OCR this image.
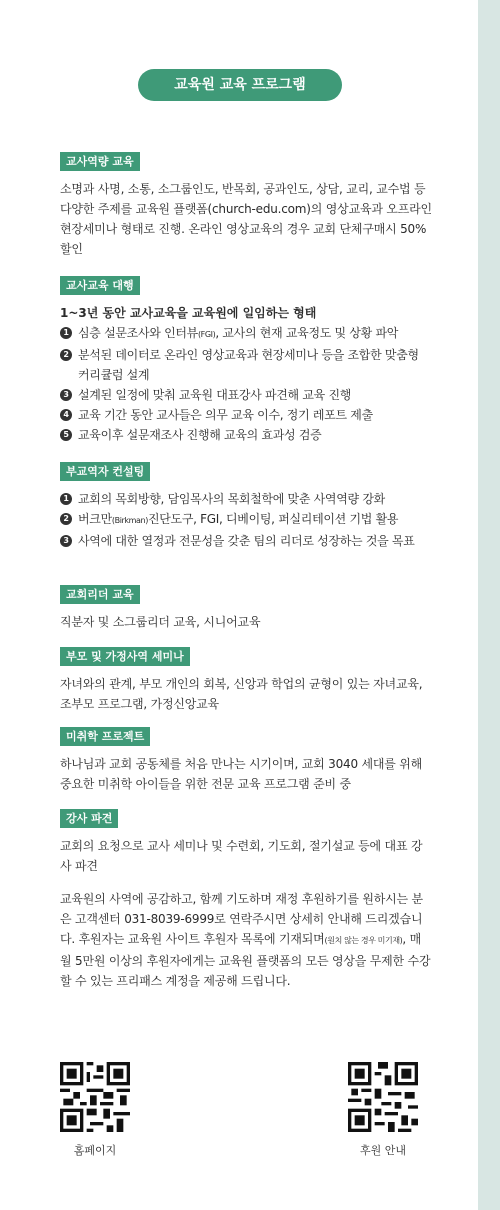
교육원 교육 프로그램
교사역량 교육
소명과 사명, 소통, 소그룹인도, 반목회, 공과인도, 상담, 교리, 교수법 등 다양한 주제를 교육원 플랫폼(church-edu.com)의 영상교육과 오프라인 현장세미나 형태로 진행. 온라인 영상교육의 경우 교회 단체구매시 50% 할인
교사교육 대행
1~3년 동안 교사교육을 교육원에 일임하는 형태
1 심층 설문조사와 인터뷰(FGI), 교사의 현재 교육정도 및 상황 파악
2 분석된 데이터로 온라인 영상교육과 현장세미나 등을 조합한 맞춤형 커리큘럼 설계
3 설계된 일정에 맞춰 교육원 대표강사 파견해 교육 진행
4 교육 기간 동안 교사들은 의무 교육 이수, 정기 레포트 제출
5 교육이후 설문재조사 진행해 교육의 효과성 검증
부교역자 컨설팅
1 교회의 목회방향, 담임목사의 목회철학에 맞춘 사역역량 강화
2 버크만(Birkman)진단도구, FGI, 디베이팅, 퍼실리테이션 기법 활용
3 사역에 대한 열정과 전문성을 갖춘 팀의 리더로 성장하는 것을 목표
교회리더 교육
직분자 및 소그룹리더 교육, 시니어교육
부모 및 가정사역 세미나
자녀와의 관계, 부모 개인의 회복, 신앙과 학업의 균형이 있는 자녀교육, 조부모 프로그램, 가정신앙교육
미취학 프로젝트
하나님과 교회 공동체를 처음 만나는 시기이며, 교회 3040 세대를 위해 중요한 미취학 아이들을 위한 전문 교육 프로그램 준비 중
강사 파견
교회의 요청으로 교사 세미나 및 수련회, 기도회, 절기설교 등에 대표 강사 파견
교육원의 사역에 공감하고, 함께 기도하며 재정 후원하기를 원하시는 분은 고객센터 031-8039-6999로 연락주시면 상세히 안내해 드리겠습니다. 후원자는 교육원 사이트 후원자 목록에 기재되며(원치 않는 경우 미기재), 매월 5만원 이상의 후원자에게는 교육원 플랫폼의 모든 영상을 무제한 수강할 수 있는 프리패스 계정을 제공해 드립니다.
홈페이지	후원 안내
